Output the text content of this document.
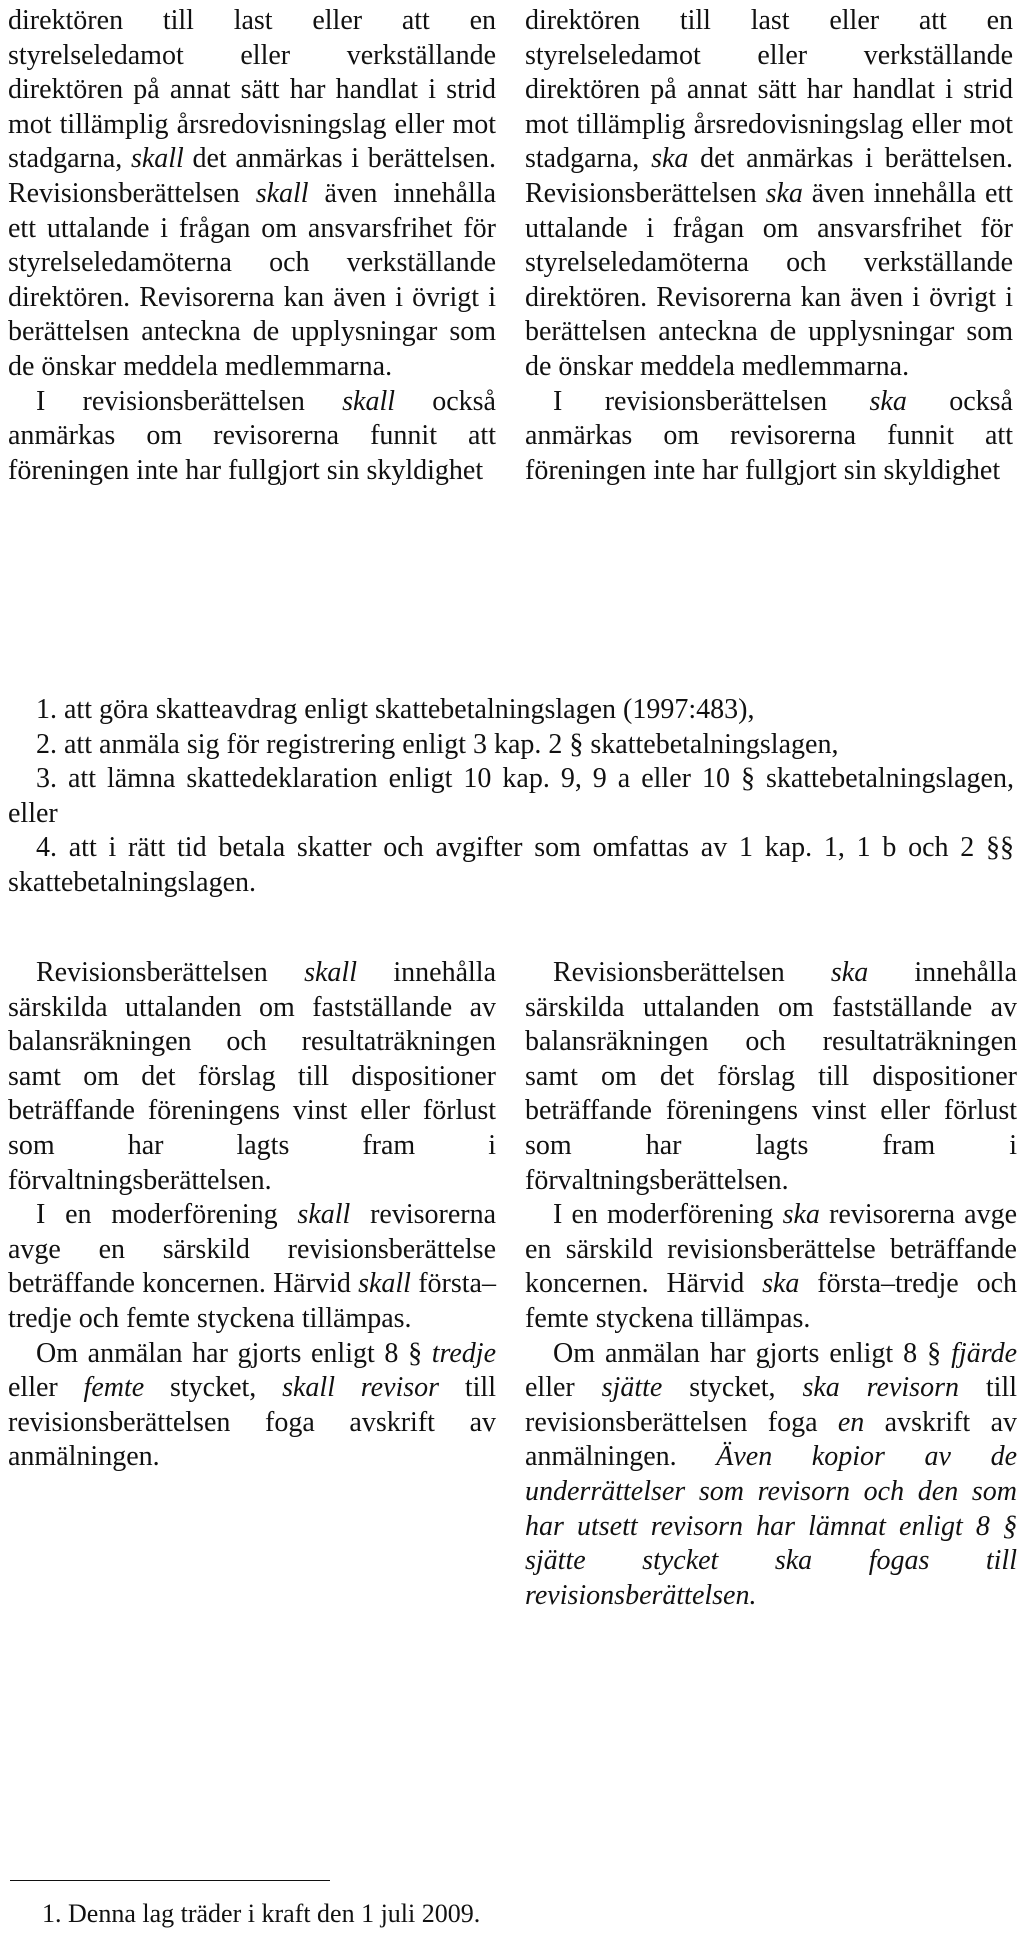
direktören till last eller att en styrelseledamot eller verkställande direktören på annat sätt har handlat i strid mot tillämplig årsredovisningslag eller mot stadgarna, skall det anmärkas i berättelsen. Revisionsberättelsen skall även innehålla ett uttalande i frågan om ansvarsfrihet för styrelseledamöterna och verkställande direktören. Revisorerna kan även i övrigt i berättelsen anteckna de upplysningar som de önskar meddela medlemmarna.

I revisionsberättelsen skall också anmärkas om revisorerna funnit att föreningen inte har fullgjort sin skyldighet

direktören till last eller att en styrelseledamot eller verkställande direktören på annat sätt har handlat i strid mot tillämplig årsredovisningslag eller mot stadgarna, ska det anmärkas i berättelsen. Revisionsberättelsen ska även innehålla ett uttalande i frågan om ansvarsfrihet för styrelseledamöterna och verkställande direktören. Revisorerna kan även i övrigt i berättelsen anteckna de upplysningar som de önskar meddela medlemmarna.

I revisionsberättelsen ska också anmärkas om revisorerna funnit att föreningen inte har fullgjort sin skyldighet

1. att göra skatteavdrag enligt skattebetalningslagen (1997:483),

2. att anmäla sig för registrering enligt 3 kap. 2 § skattebetalningslagen,

3. att lämna skattedeklaration enligt 10 kap. 9, 9 a eller 10 § skattebetalningslagen, eller

4. att i rätt tid betala skatter och avgifter som omfattas av 1 kap. 1, 1 b och 2 §§ skattebetalningslagen.

Revisionsberättelsen skall innehålla särskilda uttalanden om fastställande av balansräkningen och resultaträkningen samt om det förslag till dispositioner beträffande föreningens vinst eller förlust som har lagts fram i förvaltningsberättelsen.

I en moderförening skall revisorerna avge en särskild revisionsberättelse beträffande koncernen. Härvid skall första–tredje och femte styckena tillämpas.

Om anmälan har gjorts enligt 8 § tredje eller femte stycket, skall revisor till revisionsberättelsen foga avskrift av anmälningen.

Revisionsberättelsen ska innehålla särskilda uttalanden om fastställande av balansräkningen och resultaträkningen samt om det förslag till dispositioner beträffande föreningens vinst eller förlust som har lagts fram i förvaltningsberättelsen.

I en moderförening ska revisorerna avge en särskild revisionsberättelse beträffande koncernen. Härvid ska första–tredje och femte styckena tillämpas.

Om anmälan har gjorts enligt 8 § fjärde eller sjätte stycket, ska revisorn till revisionsberättelsen foga en avskrift av anmälningen. Även kopior av de underrättelser som revisorn och den som har utsett revisorn har lämnat enligt 8 § sjätte stycket ska fogas till revisionsberättelsen.

1. Denna lag träder i kraft den 1 juli 2009.
